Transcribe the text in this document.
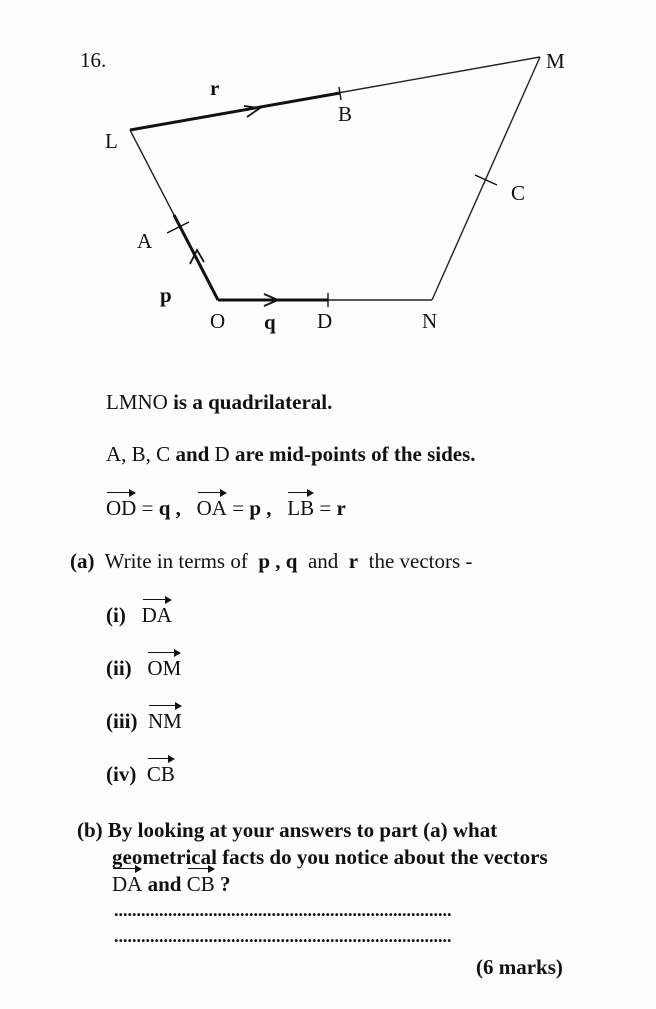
16.
L
M
B
C
A
O	D	N
r
p
q
LMNO is a quadrilateral.
A, B, C and D are mid-points of the sides.
OD = q , OA = p , LB = r
(a) Write in terms of p , q and r the vectors -
(i) DA
(ii) OM
(iii) NM
(iv) CB
(b) By looking at your answers to part (a) what
geometrical facts do you notice about the vectors
DA and
CB ?
...........................................................................
...........................................................................
(6 marks)
